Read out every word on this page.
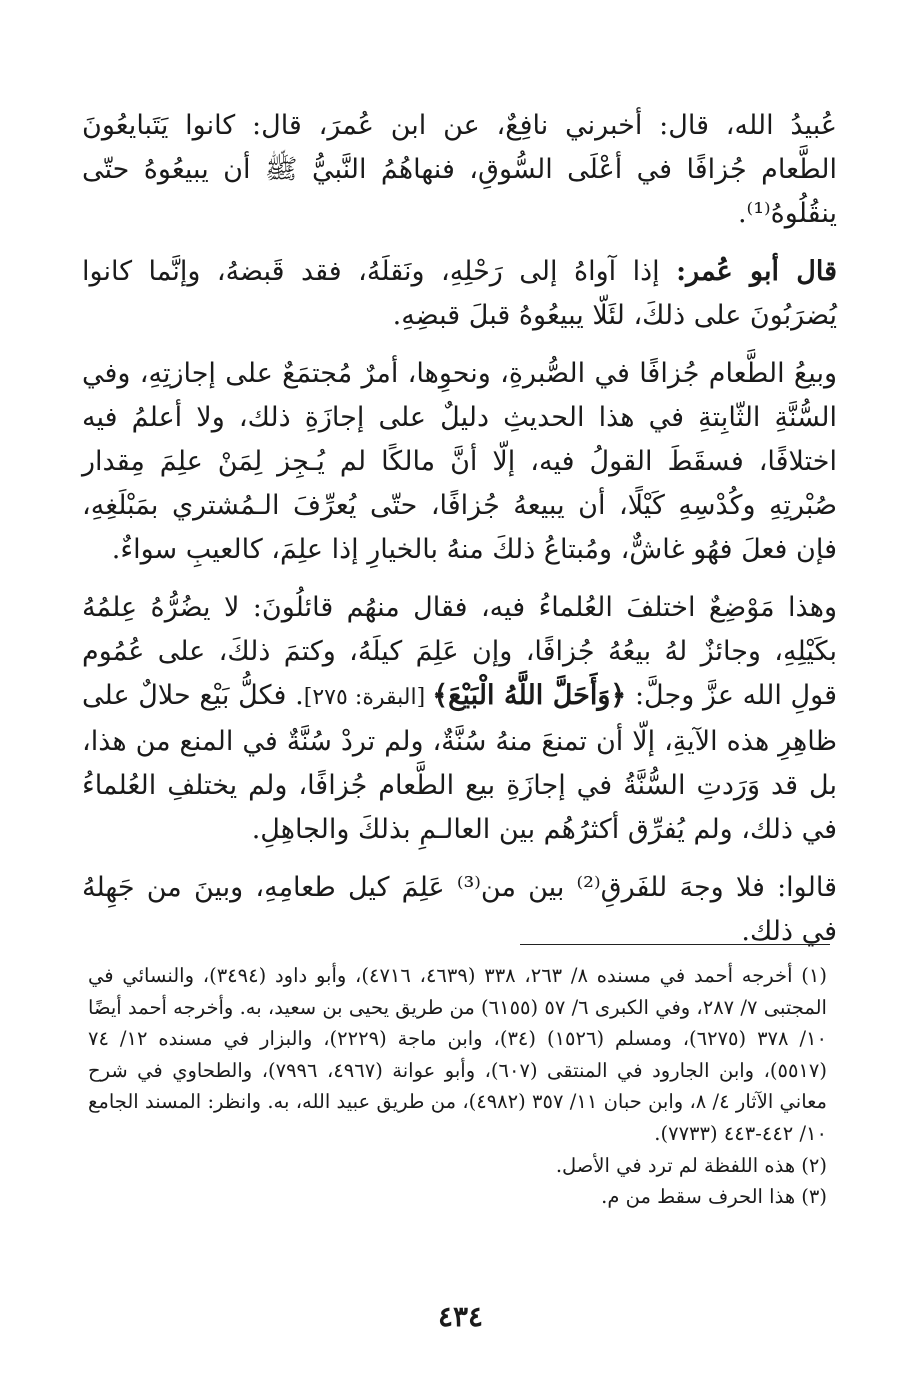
عُبيدُ الله، قال: أخبرني نافِعٌ، عن ابن عُمرَ، قال: كانوا يَتَبايعُونَ الطَّعام جُزافًا في أعْلَى السُّوقِ، فنهاهُمُ النَّبيُّ ﷺ أن يبيعُوهُ حتّى ينقُلُوهُ⁽¹⁾.

قال أبو عُمر: إذا آواهُ إلى رَحْلِهِ، ونَقلَهُ، فقد قَبضهُ، وإنَّما كانوا يُضرَبُونَ على ذلكَ، لئَلّا يبيعُوهُ قبلَ قبضِهِ.

وبيعُ الطَّعام جُزافًا في الصُّبرةِ، ونحوِها، أمرٌ مُجتمَعٌ على إجازتِهِ، وفي السُّنَّةِ الثّابِتةِ في هذا الحديثِ دليلٌ على إجازَةِ ذلك، ولا أعلمُ فيه اختلافًا، فسقَطَ القولُ فيه، إلّا أنَّ مالكًا لم يُـجِز لِمَنْ علِمَ مِقدار صُبْرتِهِ وكُدْسِهِ كَيْلًا، أن يبيعهُ جُزافًا، حتّى يُعرِّفَ الـمُشتري بمَبْلَغِهِ، فإن فعلَ فهُو غاشٌّ، ومُبتاعُ ذلكَ منهُ بالخيارِ إذا علِمَ، كالعيبِ سواءٌ.

وهذا مَوْضِعٌ اختلفَ العُلماءُ فيه، فقال منهُم قائلُونَ: لا يضُرُّهُ عِلمُهُ بكَيْلِهِ، وجائزٌ لهُ بيعُهُ جُزافًا، وإن عَلِمَ كيلَهُ، وكتمَ ذلكَ، على عُمُوم قولِ الله عزَّ وجلَّ: ﴿وَأَحَلَّ اللَّهُ الْبَيْعَ﴾ [البقرة: ٢٧٥]. فكلُّ بَيْع حلالٌ على ظاهِرِ هذه الآيةِ، إلّا أن تمنعَ منهُ سُنَّةٌ، ولم تردْ سُنَّةٌ في المنع من هذا، بل قد وَرَدتِ السُّنَّةُ في إجازَةِ بيع الطَّعام جُزافًا، ولم يختلفِ العُلماءُ في ذلك، ولم يُفرِّق أكثرُهُم بين العالـمِ بذلكَ والجاهِلِ.

قالوا: فلا وجهَ للفَرقِ⁽²⁾ بين من⁽³⁾ عَلِمَ كيل طعامِهِ، وبينَ من جَهِلهُ في ذلك.

(١) أخرجه أحمد في مسنده ٨/ ٢٦٣، ٣٣٨ (٤٦٣٩، ٤٧١٦)، وأبو داود (٣٤٩٤)، والنسائي في المجتبى ٧/ ٢٨٧، وفي الكبرى ٦/ ٥٧ (٦١٥٥) من طريق يحيى بن سعيد، به. وأخرجه أحمد أيضًا ١٠/ ٣٧٨ (٦٢٧٥)، ومسلم (١٥٢٦) (٣٤)، وابن ماجة (٢٢٢٩)، والبزار في مسنده ١٢/ ٧٤ (٥٥١٧)، وابن الجارود في المنتقى (٦٠٧)، وأبو عوانة (٤٩٦٧، ٧٩٩٦)، والطحاوي في شرح معاني الآثار ٤/ ٨، وابن حبان ١١/ ٣٥٧ (٤٩٨٢)، من طريق عبيد الله، به. وانظر: المسند الجامع ١٠/ ٤٤٢-٤٤٣ (٧٧٣٣).

(٢) هذه اللفظة لم ترد في الأصل.

(٣) هذا الحرف سقط من م.

٤٣٤
